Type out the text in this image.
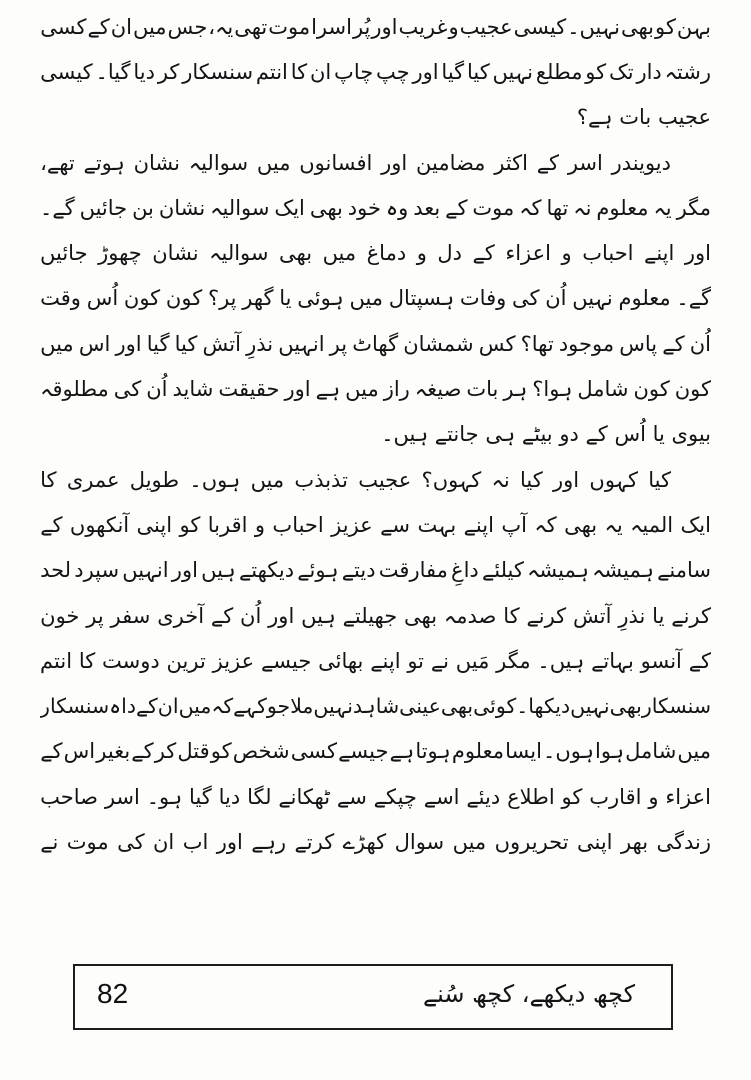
بہن
کو
بھی
نہیں۔
کیسی
عجیب
و
غریب
اور
پُر
اسرا
موت
تھی
یہ،
جس
میں
ان
کے
کسی
رشتہ
دار
تک
کو
مطلع
نہیں
کیا
گیا
اور
چپ
چاپ
ان
کا
انتم
سنسکار
کر
دیا
گیا۔
کیسی
عجیب بات ہے؟
دیویندر
اسر
کے
اکثر
مضامین
اور
افسانوں
میں
سوالیہ
نشان
ہوتے
تھے،
مگر
یہ
معلوم
نہ
تھا
کہ
موت
کے
بعد
وہ
خود
بھی
ایک
سوالیہ
نشان
بن
جائیں
گے۔
اور
اپنے
احباب
و
اعزاء
کے
دل
و
دماغ
میں
بھی
سوالیہ
نشان
چھوڑ
جائیں
گے۔
معلوم
نہیں
اُن
کی
وفات
ہسپتال
میں
ہوئی
یا
گھر
پر؟
کون
کون
اُس
وقت
اُن
کے
پاس
موجود
تھا؟
کس
شمشان
گھاٹ
پر
انہیں
نذرِ
آتش
کیا
گیا
اور
اس
میں
کون
کون
شامل
ہوا؟
ہر
بات
صیغہ
راز
میں
ہے
اور
حقیقت
شاید
اُن
کی
مطلوقہ
بیوی یا اُس کے دو بیٹے ہی جانتے ہیں۔
کیا
کہوں
اور
کیا
نہ
کہوں؟
عجیب
تذبذب
میں
ہوں۔
طویل
عمری
کا
ایک
المیہ
یہ
بھی
کہ
آپ
اپنے
بہت
سے
عزیز
احباب
و
اقربا
کو
اپنی
آنکھوں
کے
سامنے
ہمیشہ
ہمیشہ
کیلئے
داغِ
مفارقت
دیتے
ہوئے
دیکھتے
ہیں
اور
انہیں
سپرد
لحد
کرنے
یا
نذرِ
آتش
کرنے
کا
صدمہ
بھی
جھیلتے
ہیں
اور
اُن
کے
آخری
سفر
پر
خون
کے
آنسو
بہاتے
ہیں۔
مگر
مَیں
نے
تو
اپنے
بھائی
جیسے
عزیز
ترین
دوست
کا
انتم
سنسکار
بھی
نہیں
دیکھا۔
کوئی
بھی
عینی
شاہد
نہیں
ملا
جو
کہے
کہ
میں
ان
کے
داہ
سنسکار
میں
شامل
ہوا
ہوں۔
ایسا
معلوم
ہوتا
ہے
جیسے
کسی
شخص
کو
قتل
کر
کے
بغیر
اس
کے
اعزاء
و
اقارب
کو
اطلاع
دیئے
اسے
چپکے
سے
ٹھکانے
لگا
دیا
گیا
ہو۔
اسر
صاحب
زندگی
بھر
اپنی
تحریروں
میں
سوال
کھڑے
کرتے
رہے
اور
اب
ان
کی
موت
نے
کچھ دیکھے، کچھ سُنے
82
